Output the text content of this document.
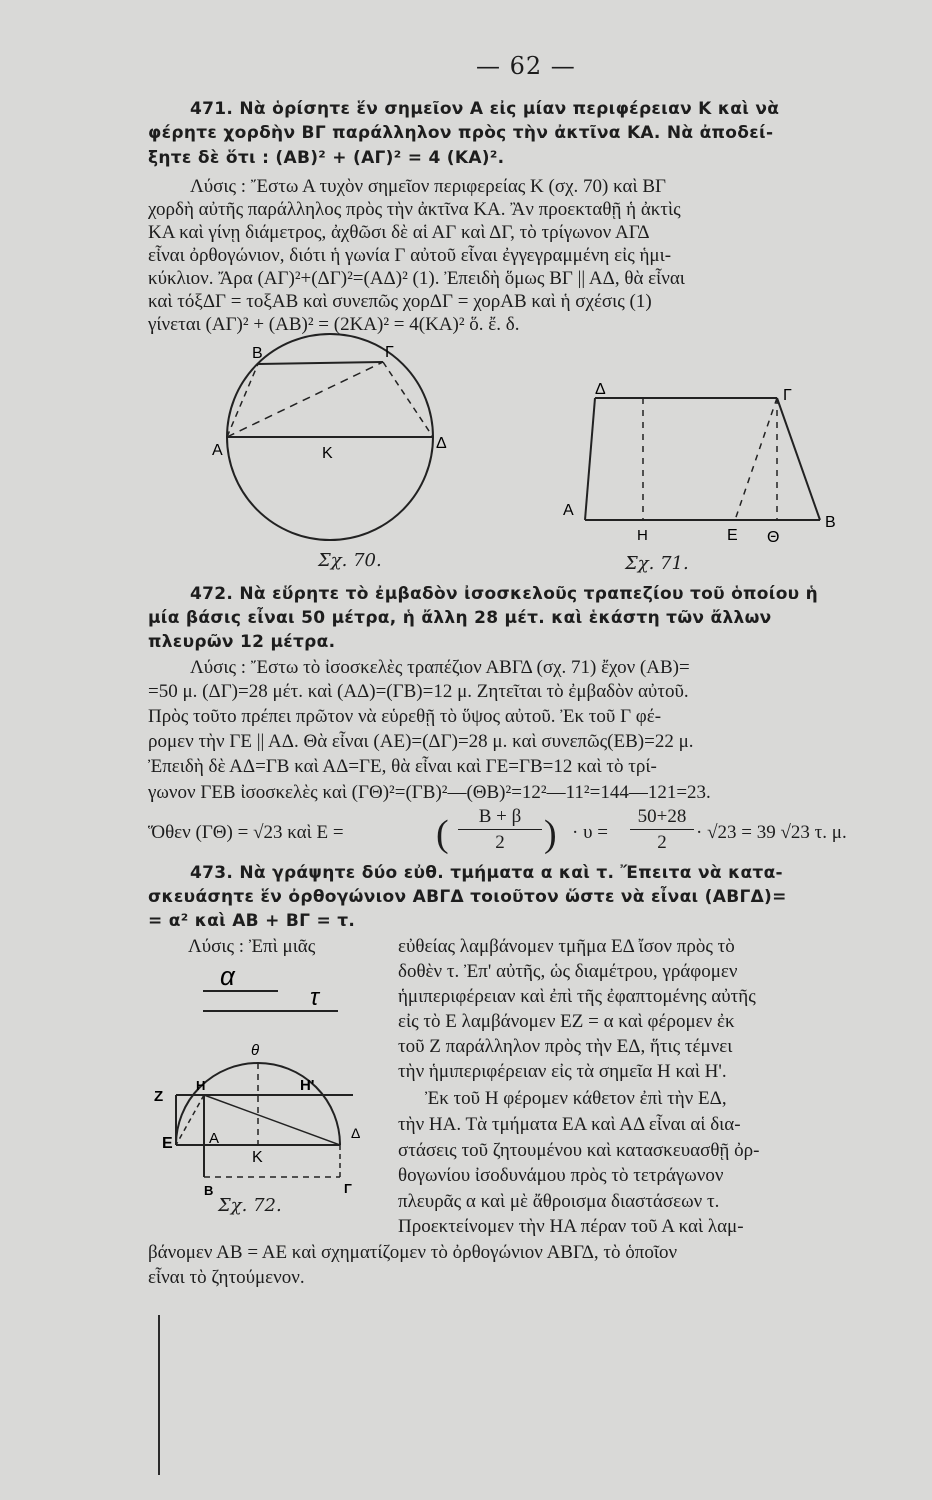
— 62 —
471. Νὰ ὁρίσητε ἕν σημεῖον Α εἰς μίαν περιφέρειαν Κ καὶ νὰ
φέρητε χορδὴν ΒΓ παράλληλον πρὸς τὴν ἀκτῖνα ΚΑ. Νὰ ἀποδεί-
ξητε δὲ ὅτι : (ΑΒ)² + (ΑΓ)² = 4 (ΚΑ)².
Λύσις : Ἔστω Α τυχὸν σημεῖον περιφερείας Κ (σχ. 70) καὶ ΒΓ
χορδὴ αὐτῆς παράλληλος πρὸς τὴν ἀκτῖνα ΚΑ. Ἂν προεκταθῇ ἡ ἀκτὶς
ΚΑ καὶ γίνῃ διάμετρος, ἀχθῶσι δὲ αἱ ΑΓ καὶ ΔΓ, τὸ τρίγωνον ΑΓΔ
εἶναι ὀρθογώνιον, διότι ἡ γωνία Γ αὐτοῦ εἶναι ἐγγεγραμμένη εἰς ἡμι-
κύκλιον. Ἄρα (ΑΓ)²+(ΔΓ)²=(ΑΔ)² (1). Ἐπειδὴ ὅμως ΒΓ || ΑΔ, θὰ εἶναι
καὶ τόξΔΓ = τοξΑΒ καὶ συνεπῶς χορΔΓ = χορΑΒ καὶ ἡ σχέσις (1)
γίνεται (ΑΓ)² + (ΑΒ)² = (2ΚΑ)² = 4(ΚΑ)² ὅ. ἔ. δ.
Β	Γ
Α	Κ
Δ
Σχ. 70.
Δ	Γ
Α
Η	Ε Θ
Β
Σχ. 71.
472. Νὰ εὕρητε τὸ ἐμβαδὸν ἰσοσκελοῦς τραπεζίου τοῦ ὁποίου ἡ
μία βάσις εἶναι 50 μέτρα, ἡ ἄλλη 28 μέτ. καὶ ἑκάστη τῶν ἄλλων
πλευρῶν 12 μέτρα.
Λύσις : Ἔστω τὸ ἰσοσκελὲς τραπέζιον ΑΒΓΔ (σχ. 71) ἔχον (ΑΒ)=
=50 μ. (ΔΓ)=28 μέτ. καὶ (ΑΔ)=(ΓΒ)=12 μ. Ζητεῖται τὸ ἐμβαδὸν αὐτοῦ.
Πρὸς τοῦτο πρέπει πρῶτον νὰ εὑρεθῇ τὸ ὕψος αὐτοῦ. Ἐκ τοῦ Γ φέ-
ρομεν τὴν ΓΕ || ΑΔ. Θὰ εἶναι (ΑΕ)=(ΔΓ)=28 μ. καὶ συνεπῶς(ΕΒ)=22 μ.
Ἐπειδὴ δὲ ΑΔ=ΓΒ καὶ ΑΔ=ΓΕ, θὰ εἶναι καὶ ΓΕ=ΓΒ=12 καὶ τὸ τρί-
γωνον ΓΕΒ ἰσοσκελὲς καὶ (ΓΘ)²=(ΓΒ)²—(ΘΒ)²=12²—11²=144—121=23.
Ὅθεν (ΓΘ) = √23 καὶ Ε = (	Β + β
2	) · υ =
50+28
2	· √23 = 39 √23 τ. μ.
473. Νὰ γράψητε δύο εὐθ. τμήματα α καὶ τ. Ἔπειτα νὰ κατα-
σκευάσητε ἕν ὀρθογώνιον ΑΒΓΔ τοιοῦτον ὥστε νὰ εἶναι (ΑΒΓΔ)=
= α² καὶ ΑΒ + ΒΓ = τ.
Λύσις : Ἐπὶ μιᾶς	εὐθείας λαμβάνομεν τμῆμα ΕΔ ἴσον πρὸς τὸ
δοθὲν τ. Ἐπ' αὐτῆς, ὡς διαμέτρου, γράφομεν
ἡμιπεριφέρειαν καὶ ἐπὶ τῆς ἐφαπτομένης αὐτῆς
εἰς τὸ Ε λαμβάνομεν ΕΖ = α καὶ φέρομεν ἐκ
τοῦ Ζ παράλληλον πρὸς τὴν ΕΔ, ἥτις τέμνει
τὴν ἡμιπεριφέρειαν εἰς τὰ σημεῖα Η καὶ Η'.
Ἐκ τοῦ Η φέρομεν κάθετον ἐπὶ τὴν ΕΔ,
τὴν ΗΑ. Τὰ τμήματα ΕΑ καὶ ΑΔ εἶναι αἱ δια-
στάσεις τοῦ ζητουμένου καὶ κατασκευασθῇ ὀρ-
θογωνίου ἰσοδυνάμου πρὸς τὸ τετράγωνον
πλευρᾶς α καὶ μὲ ἄθροισμα διαστάσεων τ.
Προεκτείνομεν τὴν ΗΑ πέραν τοῦ Α καὶ λαμ-
βάνομεν ΑΒ = ΑΕ καὶ σχηματίζομεν τὸ ὀρθογώνιον ΑΒΓΔ, τὸ ὁποῖον
εἶναι τὸ ζητούμενον.
α
τ
θ
Ζ
Η	Η'
Ε Α
Κ
Δ
Β	Γ
Σχ. 72.
